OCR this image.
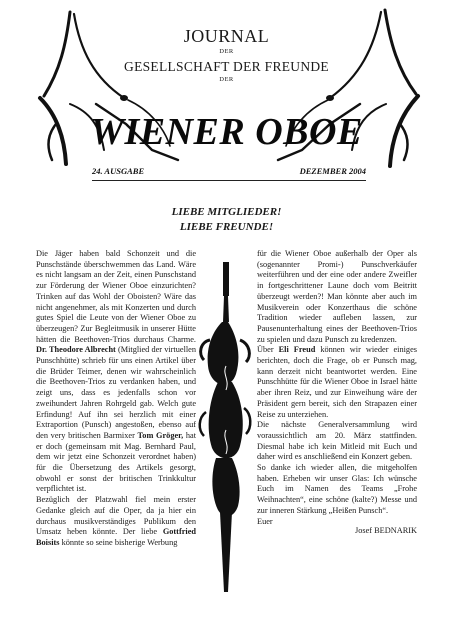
JOURNAL
DER
GESELLSCHAFT DER FREUNDE
DER
WIENER OBOE
24. AUSGABE	DEZEMBER 2004
LIEBE MITGLIEDER!
LIEBE FREUNDE!

Die Jäger haben bald Schonzeit und die Punschstände überschwemmen das Land. Wäre es nicht langsam an der Zeit, einen Punschstand zur Förderung der Wiener Oboe einzurichten? Trinken auf das Wohl der Oboisten? Wäre das nicht angenehmer, als mit Konzerten und durch gutes Spiel die Leute von der Wiener Oboe zu überzeugen? Zur Begleitmusik in unserer Hütte hätten die Beethoven-Trios durchaus Charme. Dr. Theodore Albrecht (Mitglied der virtuellen Punschhütte) schrieb für uns einen Artikel über die Brüder Teimer, denen wir wahrscheinlich die Beethoven-Trios zu verdanken haben, und zeigt uns, dass es jedenfalls schon vor zweihundert Jahren Rohrgeld gab. Welch gute Erfindung! Auf ihn sei herzlich mit einer Extraportion (Punsch) angestoßen, ebenso auf den very britischen Barmixer Tom Gröger, hat er doch (gemeinsam mit Mag. Bernhard Paul, dem wir jetzt eine Schonzeit verordnet haben) für die Übersetzung des Artikels gesorgt, obwohl er sonst der britischen Trinkkultur verpflichtet ist.

Bezüglich der Platzwahl fiel mein erster Gedanke gleich auf die Oper, da ja hier ein durchaus musikverständiges Publikum den Umsatz heben könnte. Der liebe Gottfried Boisits könnte so seine bisherige Werbung

für die Wiener Oboe außerhalb der Oper als (sogenannter Promi-) Punschverkäufer weiterführen und der eine oder andere Zweifler in fortgeschrittener Laune doch vom Beitritt überzeugt werden?! Man könnte aber auch im Musikverein oder Konzerthaus die schöne Tradition wieder aufleben lassen, zur Pausenunterhaltung eines der Beethoven-Trios zu spielen und dazu Punsch zu kredenzen.

Über Eli Freud können wir wieder einiges berichten, doch die Frage, ob er Punsch mag, kann derzeit nicht beantwortet werden. Eine Punschhütte für die Wiener Oboe in Israel hätte aber ihren Reiz, und zur Einweihung wäre der Präsident gern bereit, sich den Strapazen einer Reise zu unterziehen.

Die nächste Generalversammlung wird voraussichtlich am 20. März stattfinden. Diesmal habe ich kein Mitleid mit Euch und daher wird es anschließend ein Konzert geben.

So danke ich wieder allen, die mitgeholfen haben. Erheben wir unser Glas: Ich wünsche Euch im Namen des Teams „Frohe Weihnachten“, eine schöne (kalte?) Messe und zur inneren Stärkung „Heißen Punsch“.

Euer
Josef BEDNARIK
